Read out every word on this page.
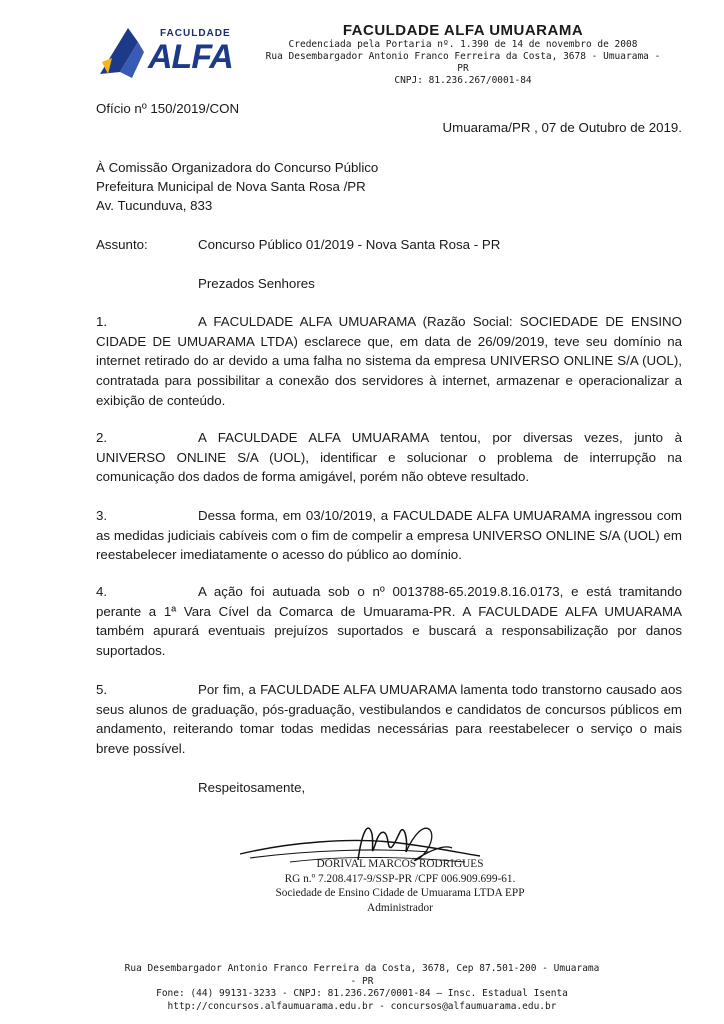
FACULDADE
ALFA
FACULDADE ALFA UMUARAMA
Credenciada pela Portaria nº. 1.390 de 14 de novembro de 2008
Rua Desembargador Antonio Franco Ferreira da Costa, 3678 - Umuarama - PR
CNPJ: 81.236.267/0001-84
Ofício nº 150/2019/CON
Umuarama/PR , 07 de Outubro de 2019.
À Comissão Organizadora do Concurso Público
Prefeitura Municipal de Nova Santa Rosa /PR
Av. Tucunduva, 833
Assunto:	Concurso Público 01/2019 - Nova Santa Rosa - PR
Prezados Senhores
1.	A FACULDADE ALFA UMUARAMA (Razão Social: SOCIEDADE DE ENSINO CIDADE DE UMUARAMA LTDA) esclarece que, em data de 26/09/2019, teve seu domínio na internet retirado do ar devido a uma falha no sistema da empresa UNIVERSO ONLINE S/A (UOL), contratada para possibilitar a conexão dos servidores à internet, armazenar e operacionalizar a exibição de conteúdo.
2.	A FACULDADE ALFA UMUARAMA tentou, por diversas vezes, junto à UNIVERSO ONLINE S/A (UOL), identificar e solucionar o problema de interrupção na comunicação dos dados de forma amigável, porém não obteve resultado.
3.	Dessa forma, em 03/10/2019, a FACULDADE ALFA UMUARAMA ingressou com as medidas judiciais cabíveis com o fim de compelir a empresa UNIVERSO ONLINE S/A (UOL) em reestabelecer imediatamente o acesso do público ao domínio.
4.	A ação foi autuada sob o nº 0013788-65.2019.8.16.0173, e está tramitando perante a 1ª Vara Cível da Comarca de Umuarama-PR. A FACULDADE ALFA UMUARAMA também apurará eventuais prejuízos suportados e buscará a responsabilização por danos suportados.
5.	Por fim, a FACULDADE ALFA UMUARAMA lamenta todo transtorno causado aos seus alunos de graduação, pós-graduação, vestibulandos e candidatos de concursos públicos em andamento, reiterando tomar todas medidas necessárias para reestabelecer o serviço o mais breve possível.
Respeitosamente,
DORIVAL MARCOS RODRIGUES
RG n.º 7.208.417-9/SSP-PR /CPF 006.909.699-61.
Sociedade de Ensino Cidade de Umuarama LTDA EPP
Administrador
Rua Desembargador Antonio Franco Ferreira da Costa, 3678, Cep 87.501-200 - Umuarama - PR
Fone: (44) 99131-3233 - CNPJ: 81.236.267/0001-84 – Insc. Estadual Isenta
http://concursos.alfaumuarama.edu.br - concursos@alfaumuarama.edu.br
